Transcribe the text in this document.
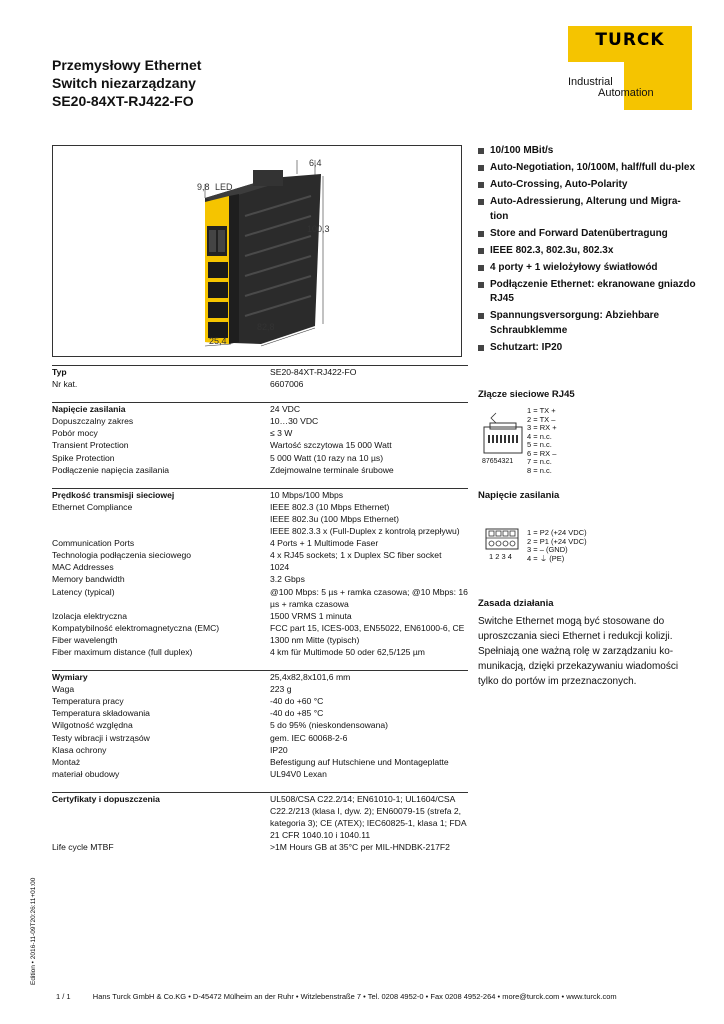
Przemysłowy Ethernet
Switch niezarządzany
SE20-84XT-RJ422-FO
TURCK
Industrial
Automation
9,8 LED
6,4
100,3
82,8
25,4
10/100 MBit/s
Auto-Negotiation, 10/100M, half/full du-plex
Auto-Crossing, Auto-Polarity
Auto-Adressierung, Alterung und Migra-tion
Store and Forward Datenübertragung
IEEE 802.3, 802.3u, 802.3x
4 porty + 1 wielożyłowy światłowód
Podłączenie Ethernet: ekranowane gniazdo RJ45
Spannungsversorgung: Abziehbare Schraubklemme
Schutzart: IP20
Typ	SE20-84XT-RJ422-FO
Nr kat.	6607006
Napięcie zasilania	24 VDC
Dopuszczalny zakres	10…30 VDC
Pobór mocy	≤ 3 W
Transient Protection	Wartość szczytowa 15 000 Watt
Spike Protection	5 000 Watt (10 razy na 10 µs)
Podłączenie napięcia zasilania	Zdejmowalne terminale śrubowe
Prędkość transmisji sieciowej	10 Mbps/100 Mbps
Ethernet Compliance	IEEE 802.3 (10 Mbps Ethernet)
IEEE 802.3u (100 Mbps Ethernet)
IEEE 802.3.3 x (Full-Duplex z kontrolą przepływu)
Communication Ports	4 Ports + 1 Multimode Faser
Technologia podłączenia sieciowego	4 x RJ45 sockets; 1 x Duplex SC fiber socket
MAC Addresses	1024
Memory bandwidth	3.2 Gbps
Latency (typical)	@100 Mbps: 5 µs + ramka czasowa; @10 Mbps: 16
µs + ramka czasowa
Izolacja elektryczna	1500 VRMS 1 minuta
Kompatybilność elektromagnetyczna (EMC)	FCC part 15, ICES-003, EN55022, EN61000-6, CE
Fiber wavelength	1300 nm Mitte (typisch)
Fiber maximum distance (full duplex)	4 km für Multimode 50 oder 62,5/125 µm
Wymiary	25,4x82,8x101,6 mm
Waga	223 g
Temperatura pracy	-40 do +60 °C
Temperatura składowania	-40 do +85 °C
Wilgotność względna	5 do 95% (nieskondensowana)
Testy wibracji i wstrząsów	gem. IEC 60068-2-6
Klasa ochrony	IP20
Montaż	Befestigung auf Hutschiene und Montageplatte
materiał obudowy	UL94V0 Lexan
Certyfikaty i dopuszczenia	UL508/CSA C22.2/14; EN61010-1; UL1604/CSA
C22.2/213 (klasa I, dyw. 2); EN60079-15 (strefa 2,
kategoria 3); CE (ATEX); IEC60825-1, klasa 1; FDA
21 CFR 1040.10 i 1040.11
Life cycle MTBF	>1M Hours GB at 35°C per MIL-HNDBK-217F2
Złącze sieciowe RJ45
87654321
1 = TX +
2 = TX –
3 = RX +
4 = n.c.
5 = n.c.
6 = RX –
7 = n.c.
8 = n.c.
Napięcie zasilania
1 2 3 4
1 = P2 (+24 VDC)
2 = P1 (+24 VDC)
3 = – (GND)
4 = ⏚ (PE)
Zasada działania
Switche Ethernet mogą być stosowane do uproszczania sieci Ethernet i redukcji kolizji. Spełniają one ważną rolę w zarządzaniu ko-munikacją, dzięki przekazywaniu wiadomości tylko do portów im przeznaczonych.
1 / 1	Hans Turck GmbH & Co.KG • D-45472 Mülheim an der Ruhr • Witzlebenstraße 7 • Tel. 0208 4952-0 • Fax 0208 4952-264 • more@turck.com • www.turck.com
Edition • 2016-11-09T20:26:11+01:00
